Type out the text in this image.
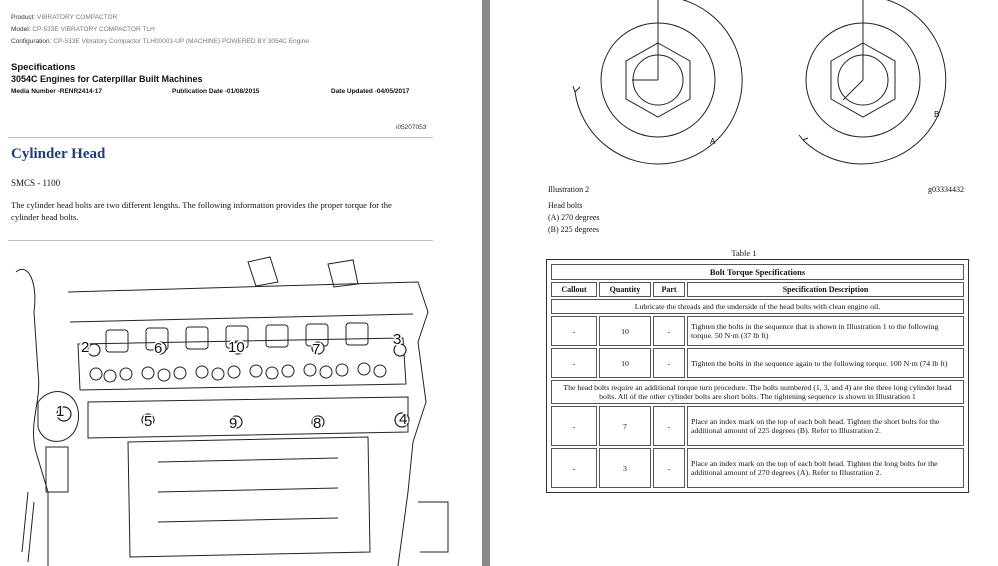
Product: VIBRATORY COMPACTOR
Model: CP-533E VIBRATORY COMPACTOR TLH
Configuration: CP-533E Vibratory Compactor TLH00001-UP (MACHINE) POWERED BY 3054C Engine
Specifications
3054C Engines for Caterpillar Built Machines
Media Number -RENR2414-17	Publication Date -01/08/2015	Date Updated -04/05/2017
i05207053
Cylinder Head
SMCS - 1100
The cylinder head bolts are two different lengths. The following information provides the proper torque for the cylinder head bolts.
1
2	3
4
5
6	7
8
9
10
A
B
Illustration 2	g03334432
Head bolts
(A) 270 degrees
(B) 225 degrees
Table 1
Bolt Torque Specifications			
Callout	Quantity	Part	Specification Description
Lubricate the threads and the underside of the head bolts with clean engine oil.			
-	10	-	Tighten the bolts in the sequence that is shown in Illustration 1 to the following torque. 50 N·m (37 lb ft)
-	10	-	Tighten the bolts in the sequence again to the following torque. 100 N·m (74 lb ft)
The head bolts require an additional torque turn procedure. The bolts numbered (1, 3, and 4) are the three long cylinder head bolts. All of the other cylinder bolts are short bolts. The tightening sequence is shown in Illustration 1			
-	7	-	Place an index mark on the top of each bolt head. Tighten the short bolts for the additional amount of 225 degrees (B). Refer to Illustration 2.
-	3	-	Place an index mark on the top of each bolt head. Tighten the long bolts for the additional amount of 270 degrees (A). Refer to Illustration 2.
